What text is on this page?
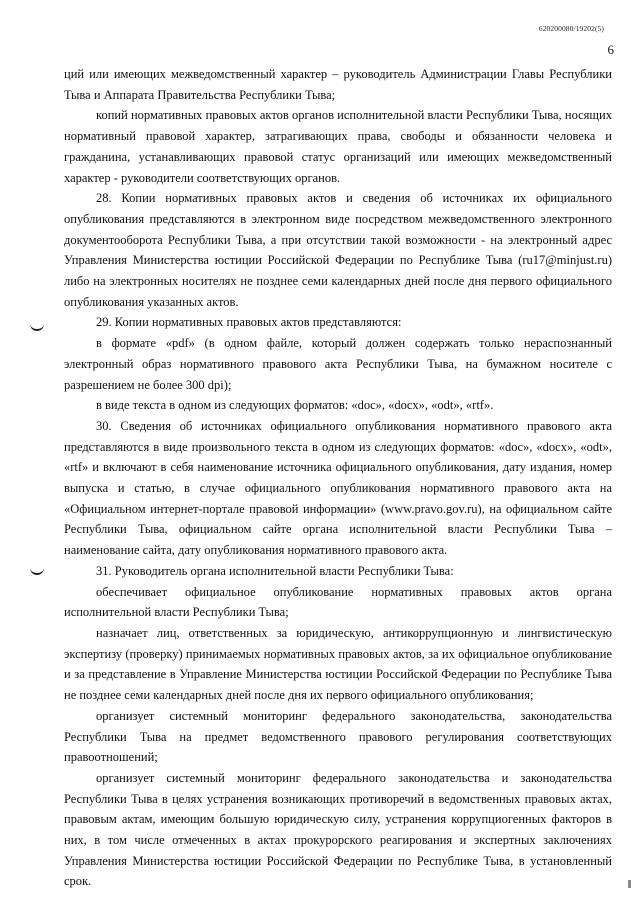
620200080/19202(5)
6

ций или имеющих межведомственный характер – руководитель Администрации Главы Республики Тыва и Аппарата Правительства Республики Тыва;

копий нормативных правовых актов органов исполнительной власти Республики Тыва, носящих нормативный правовой характер, затрагивающих права, свободы и обязанности человека и гражданина, устанавливающих правовой статус организаций или имеющих межведомственный характер - руководители соответствующих органов.

28. Копии нормативных правовых актов и сведения об источниках их официального опубликования представляются в электронном виде посредством межведомственного электронного документооборота Республики Тыва, а при отсутствии такой возможности - на электронный адрес Управления Министерства юстиции Российской Федерации по Республике Тыва (ru17@minjust.ru) либо на электронных носителях не позднее семи календарных дней после дня первого официального опубликования указанных актов.

29. Копии нормативных правовых актов представляются:

в формате «pdf» (в одном файле, который должен содержать только нераспознанный электронный образ нормативного правового акта Республики Тыва, на бумажном носителе с разрешением не более 300 dpi);

в виде текста в одном из следующих форматов: «doc», «docx», «odt», «rtf».

30. Сведения об источниках официального опубликования нормативного правового акта представляются в виде произвольного текста в одном из следующих форматов: «doc», «docx», «odt», «rtf» и включают в себя наименование источника официального опубликования, дату издания, номер выпуска и статью, в случае официального опубликования нормативного правового акта на «Официальном интернет-портале правовой информации» (www.pravo.gov.ru), на официальном сайте Республики Тыва, официальном сайте органа исполнительной власти Республики Тыва – наименование сайта, дату опубликования нормативного правового акта.

31. Руководитель органа исполнительной власти Республики Тыва:

обеспечивает официальное опубликование нормативных правовых актов органа исполнительной власти Республики Тыва;

назначает лиц, ответственных за юридическую, антикоррупционную и лингвистическую экспертизу (проверку) принимаемых нормативных правовых актов, за их официальное опубликование и за представление в Управление Министерства юстиции Российской Федерации по Республике Тыва не позднее семи календарных дней после дня их первого официального опубликования;

организует системный мониторинг федерального законодательства, законодательства Республики Тыва на предмет ведомственного правового регулирования соответствующих правоотношений;

организует системный мониторинг федерального законодательства и законодательства Республики Тыва в целях устранения возникающих противоречий в ведомственных правовых актах, правовым актам, имеющим большую юридическую силу, устранения коррупциогенных факторов в них, в том числе отмеченных в актах прокурорского реагирования и экспертных заключениях Управления Министерства юстиции Российской Федерации по Республике Тыва, в установленный срок.
